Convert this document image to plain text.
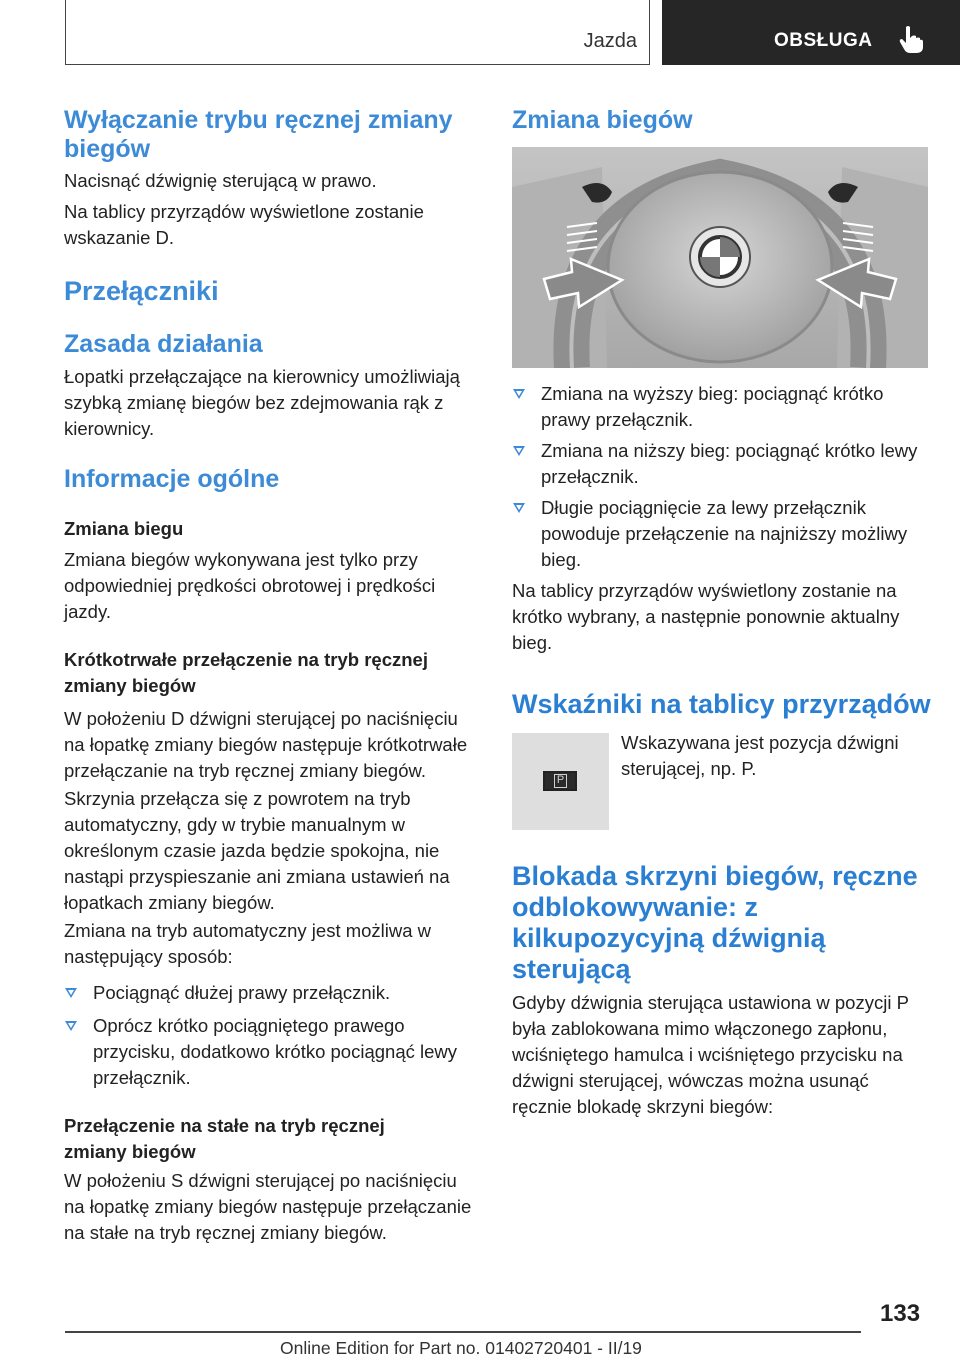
Jazda	OBSŁUGA
Wyłączanie trybu ręcznej zmiany biegów
Nacisnąć dźwignię sterującą w prawo.
Na tablicy przyrządów wyświetlone zostanie wskazanie D.
Przełączniki
Zasada działania
Łopatki przełączające na kierownicy umożliwiają szybką zmianę biegów bez zdejmowania rąk z kierownicy.
Informacje ogólne
Zmiana biegu
Zmiana biegów wykonywana jest tylko przy odpowiedniej prędkości obrotowej i prędkości jazdy.
Krótkotrwałe przełączenie na tryb ręcznej zmiany biegów
W położeniu D dźwigni sterującej po naciśnięciu na łopatkę zmiany biegów następuje krótkotrwałe przełączanie na tryb ręcznej zmiany biegów.
Skrzynia przełącza się z powrotem na tryb automatyczny, gdy w trybie manualnym w określonym czasie jazda będzie spokojna, nie nastąpi przyspieszanie ani zmiana ustawień na łopatkach zmiany biegów.
Zmiana na tryb automatyczny jest możliwa w następujący sposób:
Pociągnąć dłużej prawy przełącznik.
Oprócz krótko pociągniętego prawego przycisku, dodatkowo krótko pociągnąć lewy przełącznik.
Przełączenie na stałe na tryb ręcznej zmiany biegów
W położeniu S dźwigni sterującej po naciśnięciu na łopatkę zmiany biegów następuje przełączanie na stałe na tryb ręcznej zmiany biegów.
Zmiana biegów
Zmiana na wyższy bieg: pociągnąć krótko prawy przełącznik.
Zmiana na niższy bieg: pociągnąć krótko lewy przełącznik.
Długie pociągnięcie za lewy przełącznik powoduje przełączenie na najniższy możliwy bieg.
Na tablicy przyrządów wyświetlony zostanie na krótko wybrany, a następnie ponownie aktualny bieg.
Wskaźniki na tablicy przyrządów
P
Wskazywana jest pozycja dźwigni sterującej, np. P.
Blokada skrzyni biegów, ręczne odblokowywanie: z kilkupozycyjną dźwignią sterującą
Gdyby dźwignia sterująca ustawiona w pozycji P była zablokowana mimo włączonego zapłonu, wciśniętego hamulca i wciśniętego przycisku na dźwigni sterującej, wówczas można usunąć ręcznie blokadę skrzyni biegów:
133
Online Edition for Part no. 01402720401 - II/19
